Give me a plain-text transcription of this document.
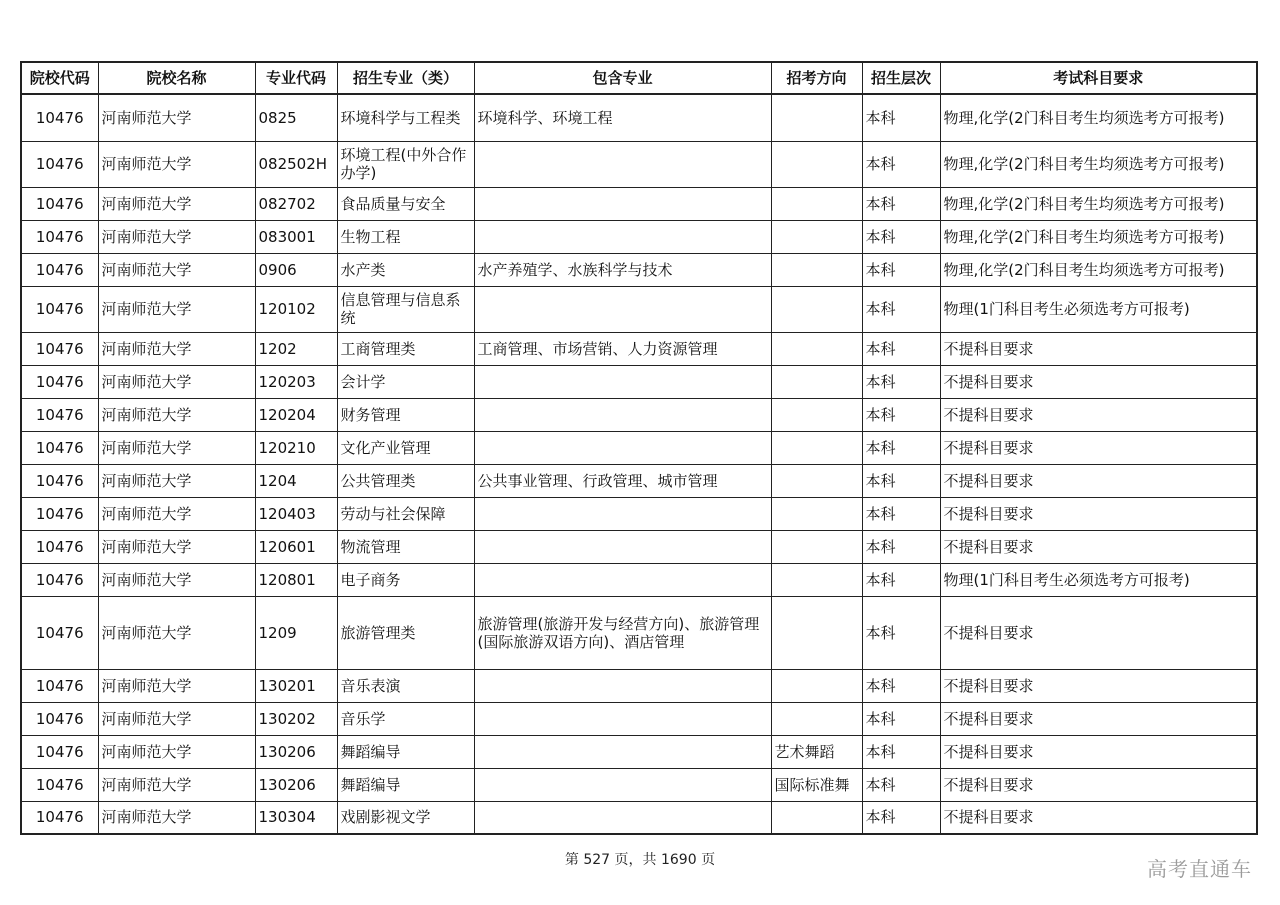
院校代码	院校名称	专业代码	招生专业（类）	包含专业	招考方向	招生层次	考试科目要求
10476	河南师范大学	0825	环境科学与工程类	环境科学、环境工程		本科	物理,化学(2门科目考生均须选考方可报考)
10476	河南师范大学	082502H	环境工程(中外合作办学)			本科	物理,化学(2门科目考生均须选考方可报考)
10476	河南师范大学	082702	食品质量与安全			本科	物理,化学(2门科目考生均须选考方可报考)
10476	河南师范大学	083001	生物工程			本科	物理,化学(2门科目考生均须选考方可报考)
10476	河南师范大学	0906	水产类	水产养殖学、水族科学与技术		本科	物理,化学(2门科目考生均须选考方可报考)
10476	河南师范大学	120102	信息管理与信息系统			本科	物理(1门科目考生必须选考方可报考)
10476	河南师范大学	1202	工商管理类	工商管理、市场营销、人力资源管理		本科	不提科目要求
10476	河南师范大学	120203	会计学			本科	不提科目要求
10476	河南师范大学	120204	财务管理			本科	不提科目要求
10476	河南师范大学	120210	文化产业管理			本科	不提科目要求
10476	河南师范大学	1204	公共管理类	公共事业管理、行政管理、城市管理		本科	不提科目要求
10476	河南师范大学	120403	劳动与社会保障			本科	不提科目要求
10476	河南师范大学	120601	物流管理			本科	不提科目要求
10476	河南师范大学	120801	电子商务			本科	物理(1门科目考生必须选考方可报考)
10476	河南师范大学	1209	旅游管理类	旅游管理(旅游开发与经营方向)、旅游管理(国际旅游双语方向)、酒店管理		本科	不提科目要求
10476	河南师范大学	130201	音乐表演			本科	不提科目要求
10476	河南师范大学	130202	音乐学			本科	不提科目要求
10476	河南师范大学	130206	舞蹈编导		艺术舞蹈	本科	不提科目要求
10476	河南师范大学	130206	舞蹈编导		国际标准舞	本科	不提科目要求
10476	河南师范大学	130304	戏剧影视文学			本科	不提科目要求
第 527 页，共 1690 页	高考直通车
